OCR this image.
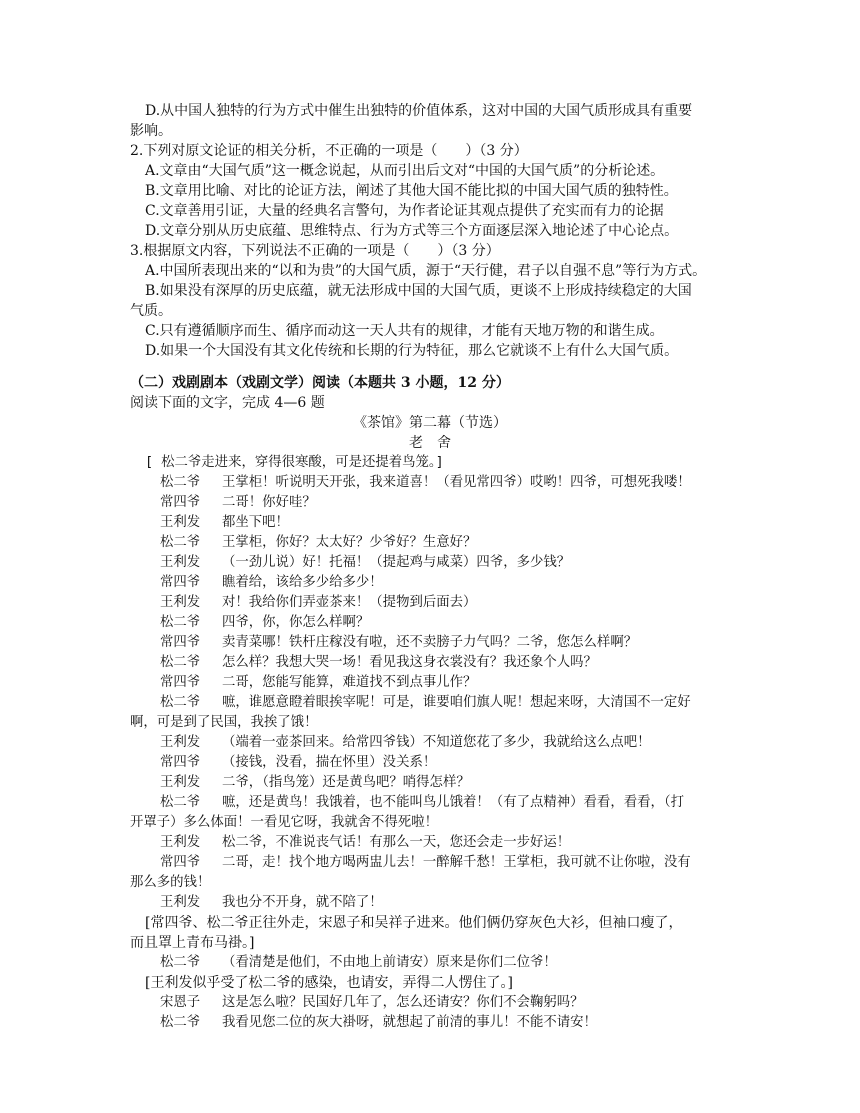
D.从中国人独特的行为方式中催生出独特的价值体系，这对中国的大国气质形成具有重要
影响。
2.下列对原文论证的相关分析，不正确的一项是（　　）（3 分）
A.文章由“大国气质”这一概念说起，从而引出后文对“中国的大国气质”的分析论述。
B.文章用比喻、对比的论证方法，阐述了其他大国不能比拟的中国大国气质的独特性。
C.文章善用引证，大量的经典名言警句，为作者论证其观点提供了充实而有力的论据
D.文章分别从历史底蕴、思维特点、行为方式等三个方面逐层深入地论述了中心论点。
3.根据原文内容，下列说法不正确的一项是（　　）（3 分）
A.中国所表现出来的“以和为贵”的大国气质，源于“天行健，君子以自强不息”等行为方式。
B.如果没有深厚的历史底蕴，就无法形成中国的大国气质，更谈不上形成持续稳定的大国
气质。
C.只有遵循顺序而生、循序而动这一天人共有的规律，才能有天地万物的和谐生成。
D.如果一个大国没有其文化传统和长期的行为特征，那么它就谈不上有什么大国气质。
（二）戏剧剧本（戏剧文学）阅读（本题共 3 小题，12 分）
阅读下面的文字，完成 4—6 题
《茶馆》第二幕（节选）
老　舍
[ 松二爷走进来，穿得很寒酸，可是还提着鸟笼。]
松二爷 王掌柜！听说明天开张，我来道喜！（看见常四爷）哎哟！四爷，可想死我喽！
常四爷 二哥！你好哇？
王利发 都坐下吧！
松二爷 王掌柜，你好？太太好？少爷好？生意好？
王利发 （一劲儿说）好！托福！（提起鸡与咸菜）四爷，多少钱？
常四爷 瞧着给，该给多少给多少！
王利发 对！我给你们弄壶茶来！（提物到后面去）
松二爷 四爷，你，你怎么样啊？
常四爷 卖青菜哪！铁杆庄稼没有啦，还不卖膀子力气吗？二爷，您怎么样啊？
松二爷 怎么样？我想大哭一场！看见我这身衣裳没有？我还象个人吗？
常四爷 二哥，您能写能算，难道找不到点事儿作？
松二爷 嗻，谁愿意瞪着眼挨宰呢！可是，谁要咱们旗人呢！想起来呀，大清国不一定好
啊，可是到了民国，我挨了饿！
王利发 （端着一壶茶回来。给常四爷钱）不知道您花了多少，我就给这么点吧！
常四爷 （接钱，没看，揣在怀里）没关系！
王利发 二爷，（指鸟笼）还是黄鸟吧？哨得怎样？
松二爷 嗻，还是黄鸟！我饿着，也不能叫鸟儿饿着！（有了点精神）看看，看看，（打
开罩子）多么体面！一看见它呀，我就舍不得死啦！
王利发 松二爷，不准说丧气话！有那么一天，您还会走一步好运！
常四爷 二哥，走！找个地方喝两盅儿去！一醉解千愁！王掌柜，我可就不让你啦，没有
那么多的钱！
王利发 我也分不开身，就不陪了！
[常四爷、松二爷正往外走，宋恩子和吴祥子进来。他们俩仍穿灰色大衫，但袖口瘦了，
而且罩上青布马褂。]
松二爷 （看清楚是他们，不由地上前请安）原来是你们二位爷！
[王利发似乎受了松二爷的感染，也请安，弄得二人愣住了。]
宋恩子 这是怎么啦？民国好几年了，怎么还请安？你们不会鞠躬吗？
松二爷 我看见您二位的灰大褂呀，就想起了前清的事儿！不能不请安！
